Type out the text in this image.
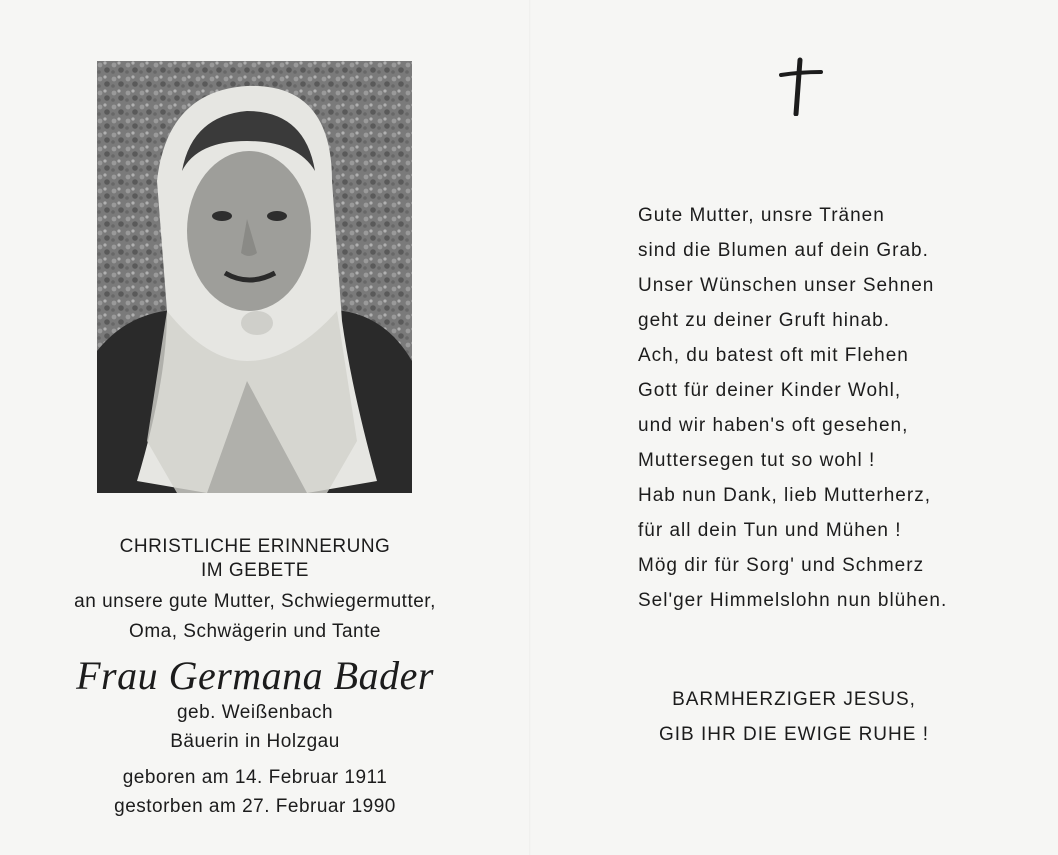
CHRISTLICHE ERINNERUNG
IM GEBETE
an unsere gute Mutter, Schwiegermutter,
Oma, Schwägerin und Tante
Frau Germana Bader
geb. Weißenbach
Bäuerin in Holzgau
geboren am 14. Februar 1911
gestorben am 27. Februar 1990
Gute Mutter, unsre Tränen
sind die Blumen auf dein Grab.
Unser Wünschen unser Sehnen
geht zu deiner Gruft hinab.
Ach, du batest oft mit Flehen
Gott für deiner Kinder Wohl,
und wir haben's oft gesehen,
Muttersegen tut so wohl !
Hab nun Dank, lieb Mutterherz,
für all dein Tun und Mühen !
Mög dir für Sorg' und Schmerz
Sel'ger Himmelslohn nun blühen.
BARMHERZIGER JESUS,
GIB IHR DIE EWIGE RUHE !
